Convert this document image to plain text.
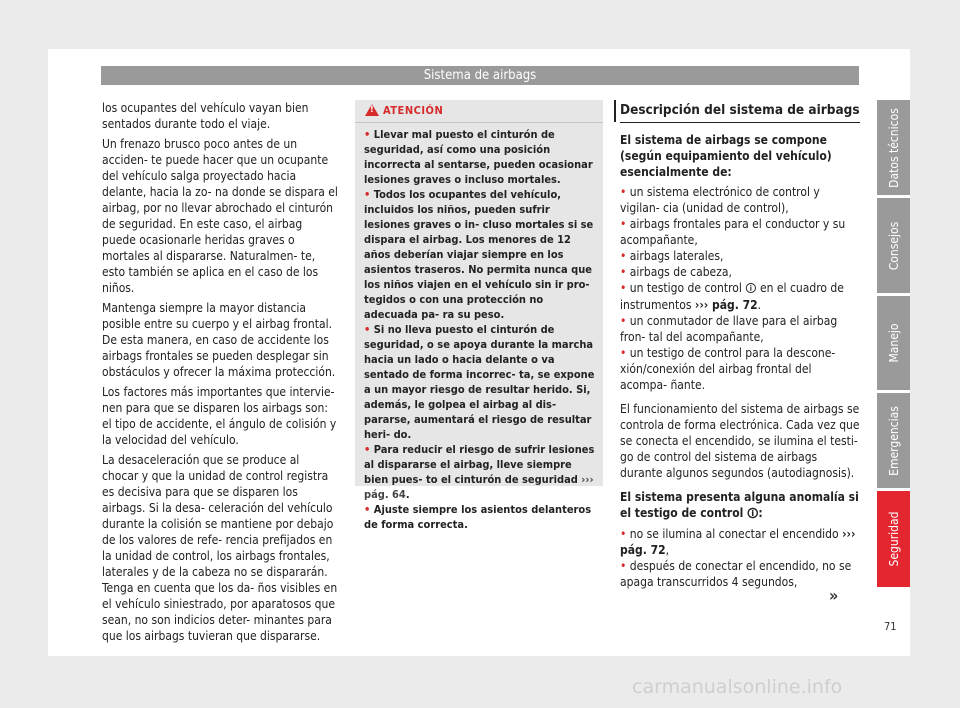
Sistema de airbags

los ocupantes del vehículo vayan bien sentados durante todo el viaje.

Un frenazo brusco poco antes de un acciden- te puede hacer que un ocupante del vehículo salga proyectado hacia delante, hacia la zo- na donde se dispara el airbag, por no llevar abrochado el cinturón de seguridad. En este caso, el airbag puede ocasionarle heridas graves o mortales al dispararse. Naturalmen- te, esto también se aplica en el caso de los niños.

Mantenga siempre la mayor distancia posible entre su cuerpo y el airbag frontal. De esta manera, en caso de accidente los airbags frontales se pueden desplegar sin obstáculos y ofrecer la máxima protección.

Los factores más importantes que intervie- nen para que se disparen los airbags son: el tipo de accidente, el ángulo de colisión y la velocidad del vehículo.

La desaceleración que se produce al chocar y que la unidad de control registra es decisiva para que se disparen los airbags. Si la desa- celeración del vehículo durante la colisión se mantiene por debajo de los valores de refe- rencia prefijados en la unidad de control, los airbags frontales, laterales y de la cabeza no se dispararán. Tenga en cuenta que los da- ños visibles en el vehículo siniestrado, por aparatosos que sean, no son indicios deter- minantes para que los airbags tuvieran que dispararse.

!
ATENCIÓN
• Llevar mal puesto el cinturón de seguridad, así como una posición incorrecta al sentarse, pueden ocasionar lesiones graves o incluso mortales.
• Todos los ocupantes del vehículo, incluidos los niños, pueden sufrir lesiones graves o in- cluso mortales si se dispara el airbag. Los menores de 12 años deberían viajar siempre en los asientos traseros. No permita nunca que los niños viajen en el vehículo sin ir pro- tegidos o con una protección no adecuada pa- ra su peso.
• Si no lleva puesto el cinturón de seguridad, o se apoya durante la marcha hacia un lado o hacia delante o va sentado de forma incorrec- ta, se expone a un mayor riesgo de resultar herido. Si, además, le golpea el airbag al dis- pararse, aumentará el riesgo de resultar heri- do.
• Para reducir el riesgo de sufrir lesiones al dispararse el airbag, lleve siempre bien pues- to el cinturón de seguridad ››› pág. 64.
• Ajuste siempre los asientos delanteros de forma correcta.
Descripción del sistema de airbags

El sistema de airbags se compone (según equipamiento del vehículo) esencialmente de:

• un sistema electrónico de control y vigilan- cia (unidad de control),
• airbags frontales para el conductor y su acompañante,
• airbags laterales,
• airbags de cabeza,
• un testigo de control 🛈 en el cuadro de instrumentos ››› pág. 72.
• un conmutador de llave para el airbag fron- tal del acompañante,
• un testigo de control para la descone- xión/conexión del airbag frontal del acompa- ñante.

El funcionamiento del sistema de airbags se controla de forma electrónica. Cada vez que se conecta el encendido, se ilumina el testi- go de control del sistema de airbags durante algunos segundos (autodiagnosis).

El sistema presenta alguna anomalía si el testigo de control 🛈:

• no se ilumina al conectar el encendido ››› pág. 72,
• después de conectar el encendido, no se apaga transcurridos 4 segundos,
Datos técnicos
Consejos
Manejo
Emergencias
Seguridad
»
71
carmanualsonline.info
